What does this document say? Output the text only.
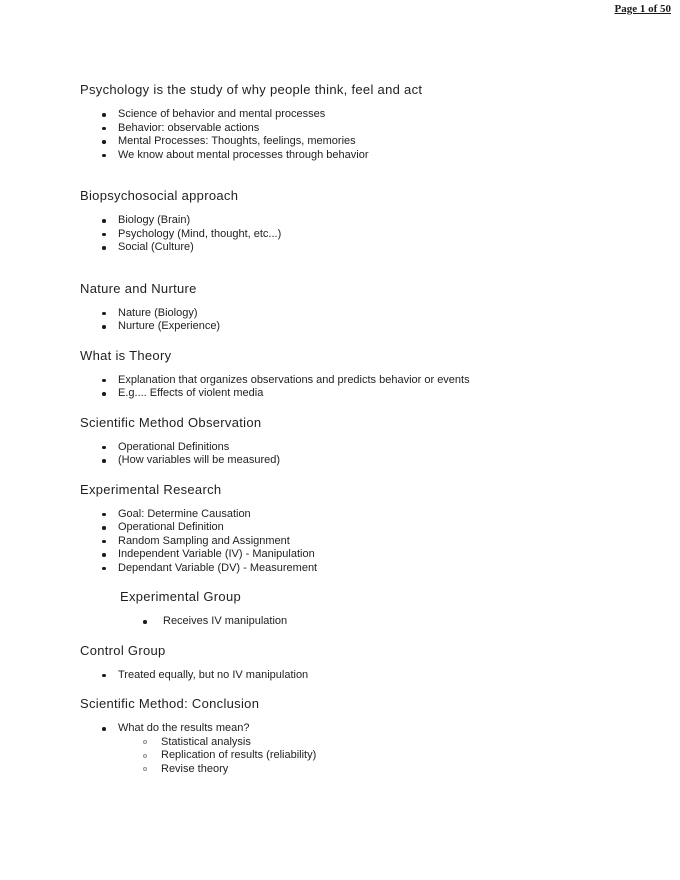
Page 1 of 50
Psychology is the study of why people think, feel and act
Science of behavior and mental processes
Behavior: observable actions
Mental Processes: Thoughts, feelings, memories
We know about mental processes through behavior
Biopsychosocial approach
Biology (Brain)
Psychology (Mind, thought, etc...)
Social (Culture)
Nature and Nurture
Nature (Biology)
Nurture (Experience)
What is Theory
Explanation that organizes observations and predicts behavior or events
E.g.... Effects of violent media
Scientific Method Observation
Operational Definitions
(How variables will be measured)
Experimental Research
Goal: Determine Causation
Operational Definition
Random Sampling and Assignment
Independent Variable (IV) - Manipulation
Dependant Variable (DV) - Measurement
Experimental Group
Receives IV manipulation
Control Group
Treated equally, but no IV manipulation
Scientific Method: Conclusion
What do the results mean?
Statistical analysis
Replication of results (reliability)
Revise theory
